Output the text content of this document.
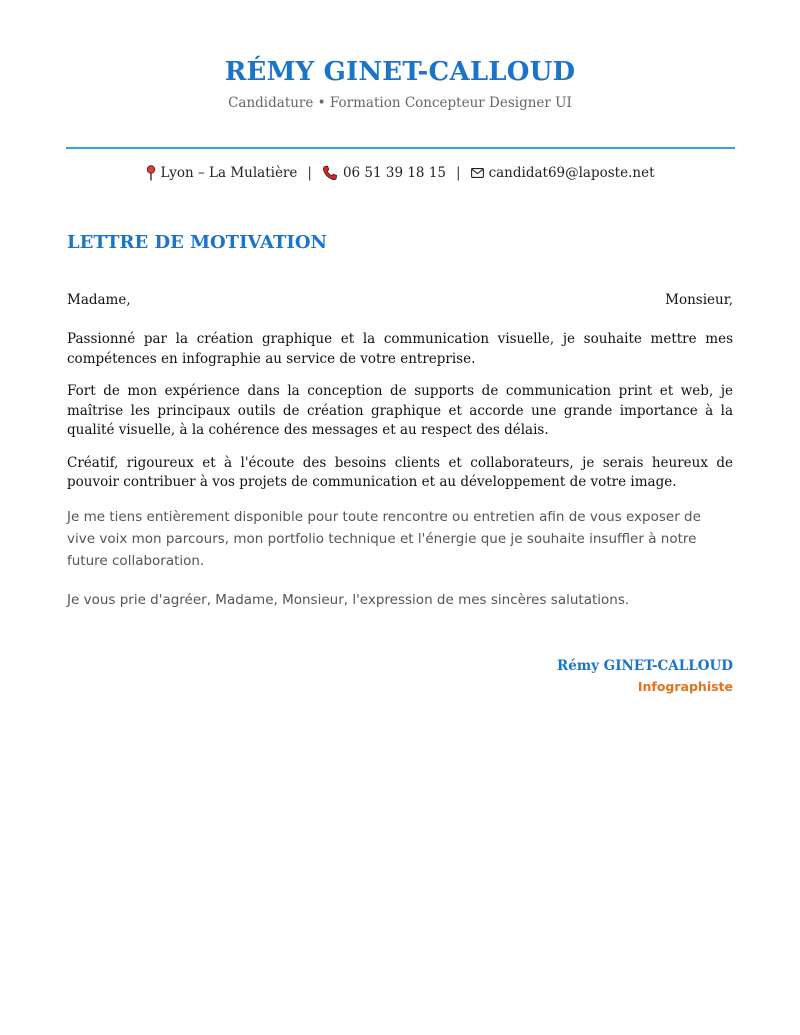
RÉMY GINET-CALLOUD
Candidature • Formation Concepteur Designer UI
Lyon – La Mulatière | 06 51 39 18 15 | candidat69@laposte.net
LETTRE DE MOTIVATION
Madame,	Monsieur,

Passionné par la création graphique et la communication visuelle, je souhaite mettre mes compétences en infographie au service de votre entreprise.

Fort de mon expérience dans la conception de supports de communication print et web, je maîtrise les principaux outils de création graphique et accorde une grande importance à la qualité visuelle, à la cohérence des messages et au respect des délais.

Créatif, rigoureux et à l'écoute des besoins clients et collaborateurs, je serais heureux de pouvoir contribuer à vos projets de communication et au développement de votre image.

Je me tiens entièrement disponible pour toute rencontre ou entretien afin de vous exposer de vive voix mon parcours, mon portfolio technique et l'énergie que je souhaite insuffler à notre future collaboration.

Je vous prie d'agréer, Madame, Monsieur, l'expression de mes sincères salutations.

Rémy GINET-CALLOUD
Infographiste
